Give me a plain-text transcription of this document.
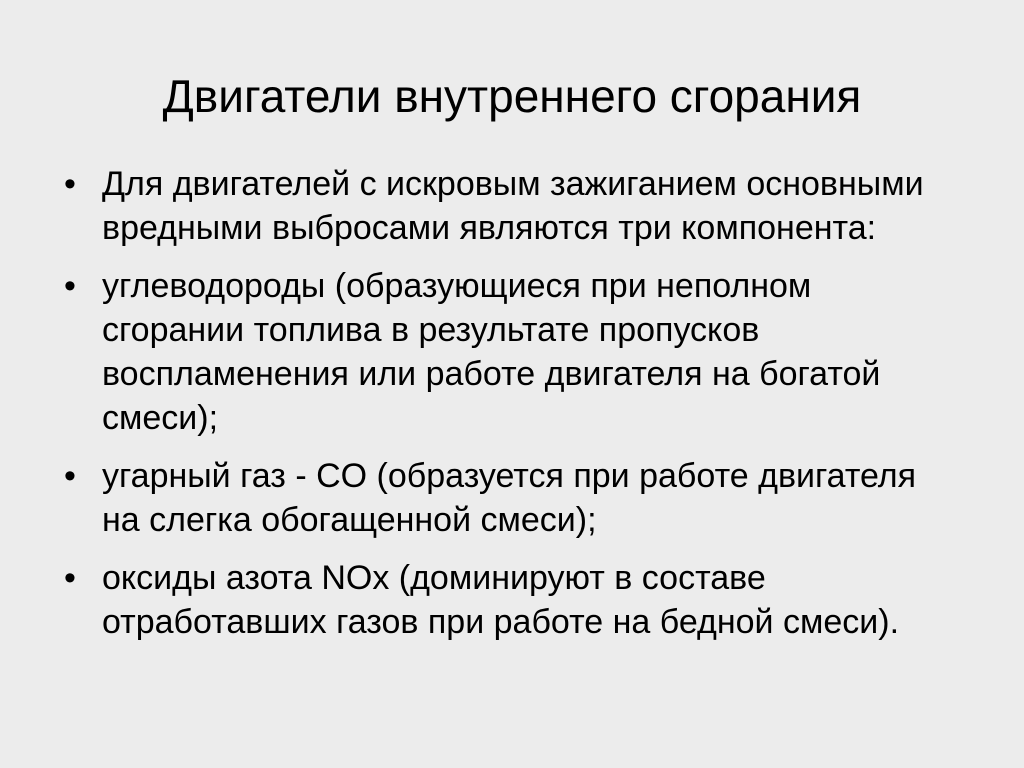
Двигатели внутреннего сгорания
• Для двигателей с искровым зажиганием основными вредными выбросами являются три компонента:
• углеводороды (образующиеся при неполном сгорании топлива в результате пропусков воспламенения или работе двигателя на богатой смеси);
• угарный газ - CO (образуется при работе двигателя на слегка обогащенной смеси);
• оксиды азота NOx (доминируют в составе отработавших газов при работе на бедной смеси).
